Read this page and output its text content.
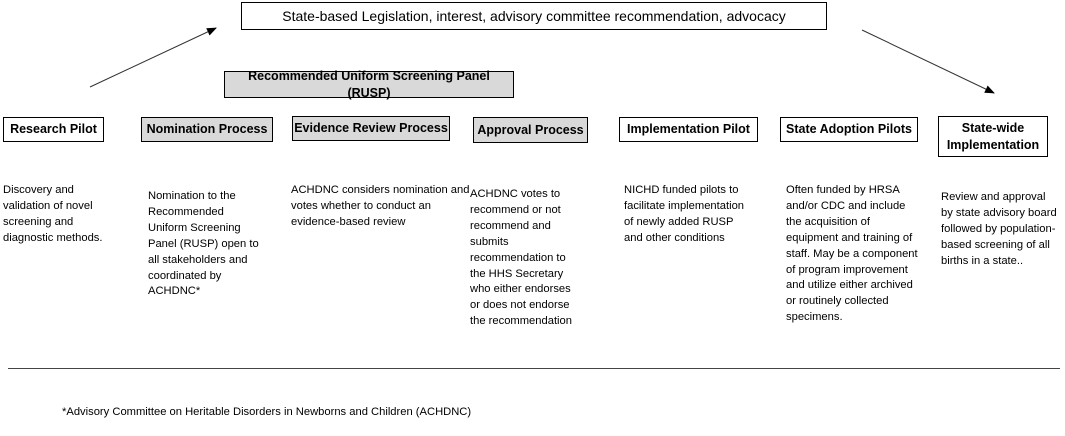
State-based Legislation, interest, advisory committee recommendation, advocacy
Recommended Uniform Screening Panel (RUSP)
Research Pilot	Nomination Process Evidence Review Process Approval Process	Implementation Pilot	State Adoption Pilots	State-wide Implementation
Discovery and validation of novel screening and diagnostic methods.
Nomination to the Recommended Uniform Screening Panel (RUSP) open to all stakeholders and coordinated by ACHDNC*
ACHDNC considers nomination and votes whether to conduct an evidence-based review
ACHDNC votes to recommend or not recommend and submits recommendation to the HHS Secretary who either endorses or does not endorse the recommendation
NICHD funded pilots to facilitate implementation of newly added RUSP and other conditions
Often funded by HRSA and/or CDC and include the acquisition of equipment and training of staff. May be a component of program improvement and utilize either archived or routinely collected specimens.
Review and approval by state advisory board followed by population-based screening of all births in a state..
*Advisory Committee on Heritable Disorders in Newborns and Children (ACHDNC)
